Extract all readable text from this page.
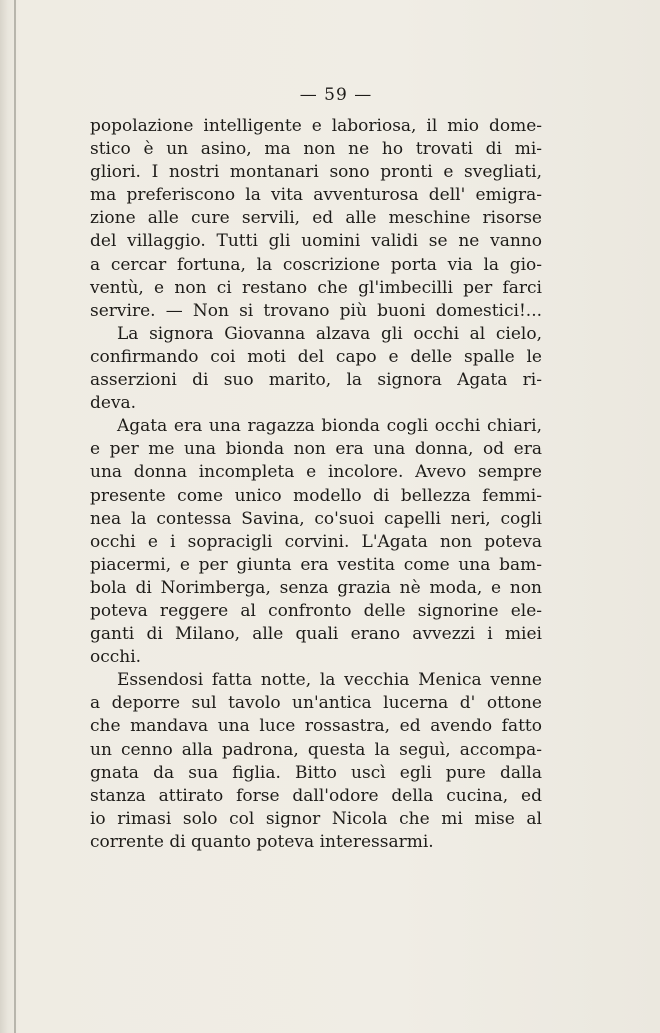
— 59 —
popolazione intelligente e laboriosa, il mio dome-
stico è un asino, ma non ne ho trovati di mi-
gliori. I nostri montanari sono pronti e svegliati,
ma preferiscono la vita avventurosa dell' emigra-
zione alle cure servili, ed alle meschine risorse
del villaggio. Tutti gli uomini validi se ne vanno
a cercar fortuna, la coscrizione porta via la gio-
ventù, e non ci restano che gl'imbecilli per farci
servire. — Non si trovano più buoni domestici!...
La signora Giovanna alzava gli occhi al cielo,
confirmando coi moti del capo e delle spalle le
asserzioni di suo marito, la signora Agata ri-
deva.
Agata era una ragazza bionda cogli occhi chiari,
e per me una bionda non era una donna, od era
una donna incompleta e incolore. Avevo sempre
presente come unico modello di bellezza femmi-
nea la contessa Savina, co'suoi capelli neri, cogli
occhi e i sopracigli corvini. L'Agata non poteva
piacermi, e per giunta era vestita come una bam-
bola di Norimberga, senza grazia nè moda, e non
poteva reggere al confronto delle signorine ele-
ganti di Milano, alle quali erano avvezzi i miei
occhi.
Essendosi fatta notte, la vecchia Menica venne
a deporre sul tavolo un'antica lucerna d' ottone
che mandava una luce rossastra, ed avendo fatto
un cenno alla padrona, questa la seguì, accompa-
gnata da sua figlia. Bitto uscì egli pure dalla
stanza attirato forse dall'odore della cucina, ed
io rimasi solo col signor Nicola che mi mise al
corrente di quanto poteva interessarmi.
